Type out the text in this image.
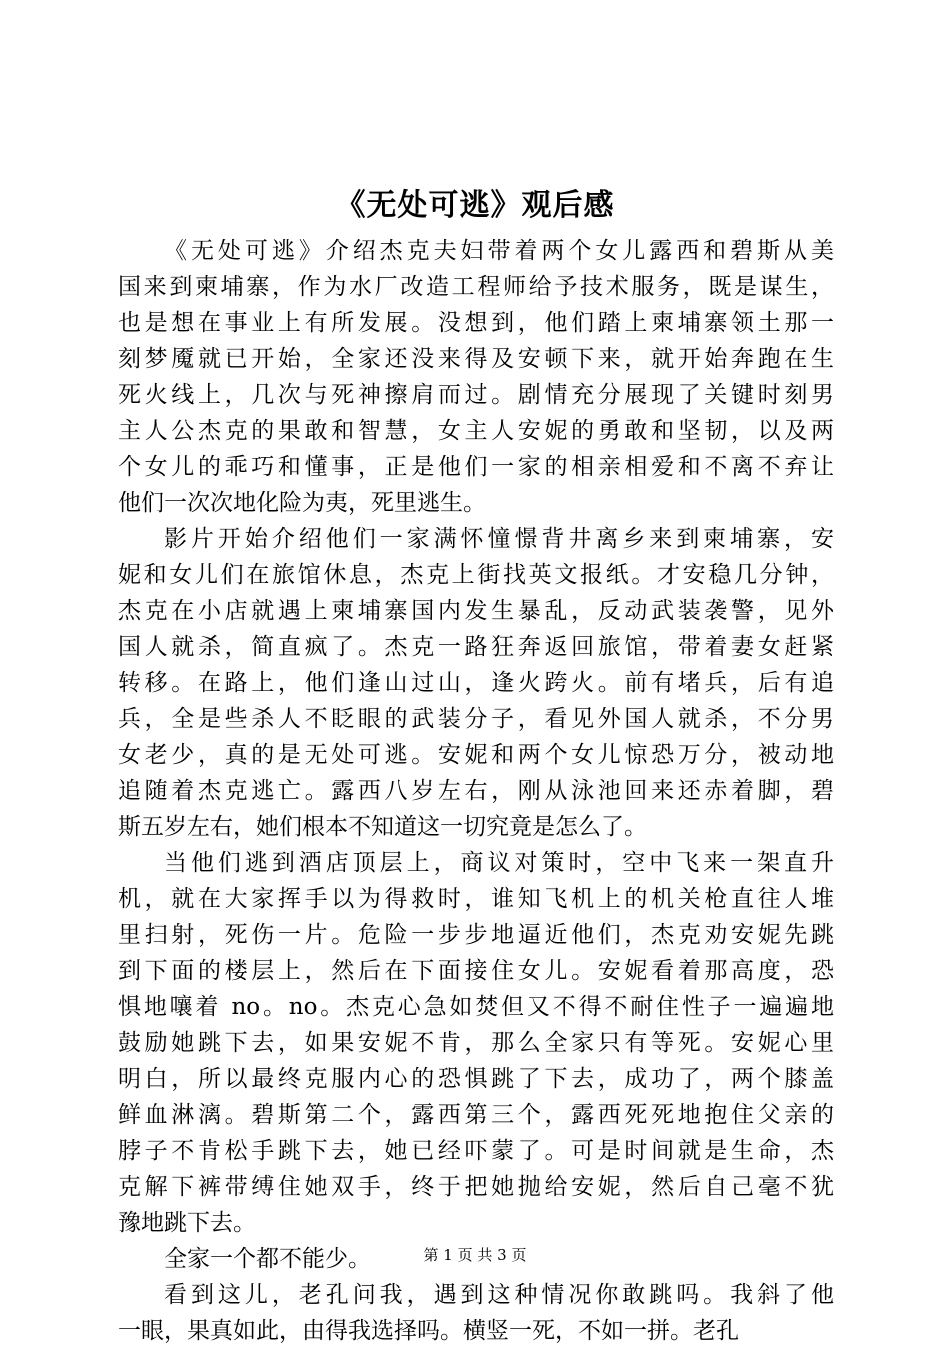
《无处可逃》观后感
《无处可逃》介绍杰克夫妇带着两个女儿露西和碧斯从美
国来到柬埔寨，作为水厂改造工程师给予技术服务，既是谋生，
也是想在事业上有所发展。没想到，他们踏上柬埔寨领土那一
刻梦魇就已开始，全家还没来得及安顿下来，就开始奔跑在生
死火线上，几次与死神擦肩而过。剧情充分展现了关键时刻男
主人公杰克的果敢和智慧，女主人安妮的勇敢和坚韧，以及两
个女儿的乖巧和懂事，正是他们一家的相亲相爱和不离不弃让
他们一次次地化险为夷，死里逃生。
影片开始介绍他们一家满怀憧憬背井离乡来到柬埔寨，安
妮和女儿们在旅馆休息，杰克上街找英文报纸。才安稳几分钟，
杰克在小店就遇上柬埔寨国内发生暴乱，反动武装袭警，见外
国人就杀，简直疯了。杰克一路狂奔返回旅馆，带着妻女赶紧
转移。在路上，他们逢山过山，逢火跨火。前有堵兵，后有追
兵，全是些杀人不眨眼的武装分子，看见外国人就杀，不分男
女老少，真的是无处可逃。安妮和两个女儿惊恐万分，被动地
追随着杰克逃亡。露西八岁左右，刚从泳池回来还赤着脚，碧
斯五岁左右，她们根本不知道这一切究竟是怎么了。
当他们逃到酒店顶层上，商议对策时，空中飞来一架直升
机，就在大家挥手以为得救时，谁知飞机上的机关枪直往人堆
里扫射，死伤一片。危险一步步地逼近他们，杰克劝安妮先跳
到下面的楼层上，然后在下面接住女儿。安妮看着那高度，恐
惧地嚷着 no。no。杰克心急如焚但又不得不耐住性子一遍遍地
鼓励她跳下去，如果安妮不肯，那么全家只有等死。安妮心里
明白，所以最终克服内心的恐惧跳了下去，成功了，两个膝盖
鲜血淋漓。碧斯第二个，露西第三个，露西死死地抱住父亲的
脖子不肯松手跳下去，她已经吓蒙了。可是时间就是生命，杰
克解下裤带缚住她双手，终于把她抛给安妮，然后自己毫不犹
豫地跳下去。
全家一个都不能少。
看到这儿，老孔问我，遇到这种情况你敢跳吗。我斜了他
一眼，果真如此，由得我选择吗。横竖一死，不如一拼。老孔
第 1 页 共 3 页
